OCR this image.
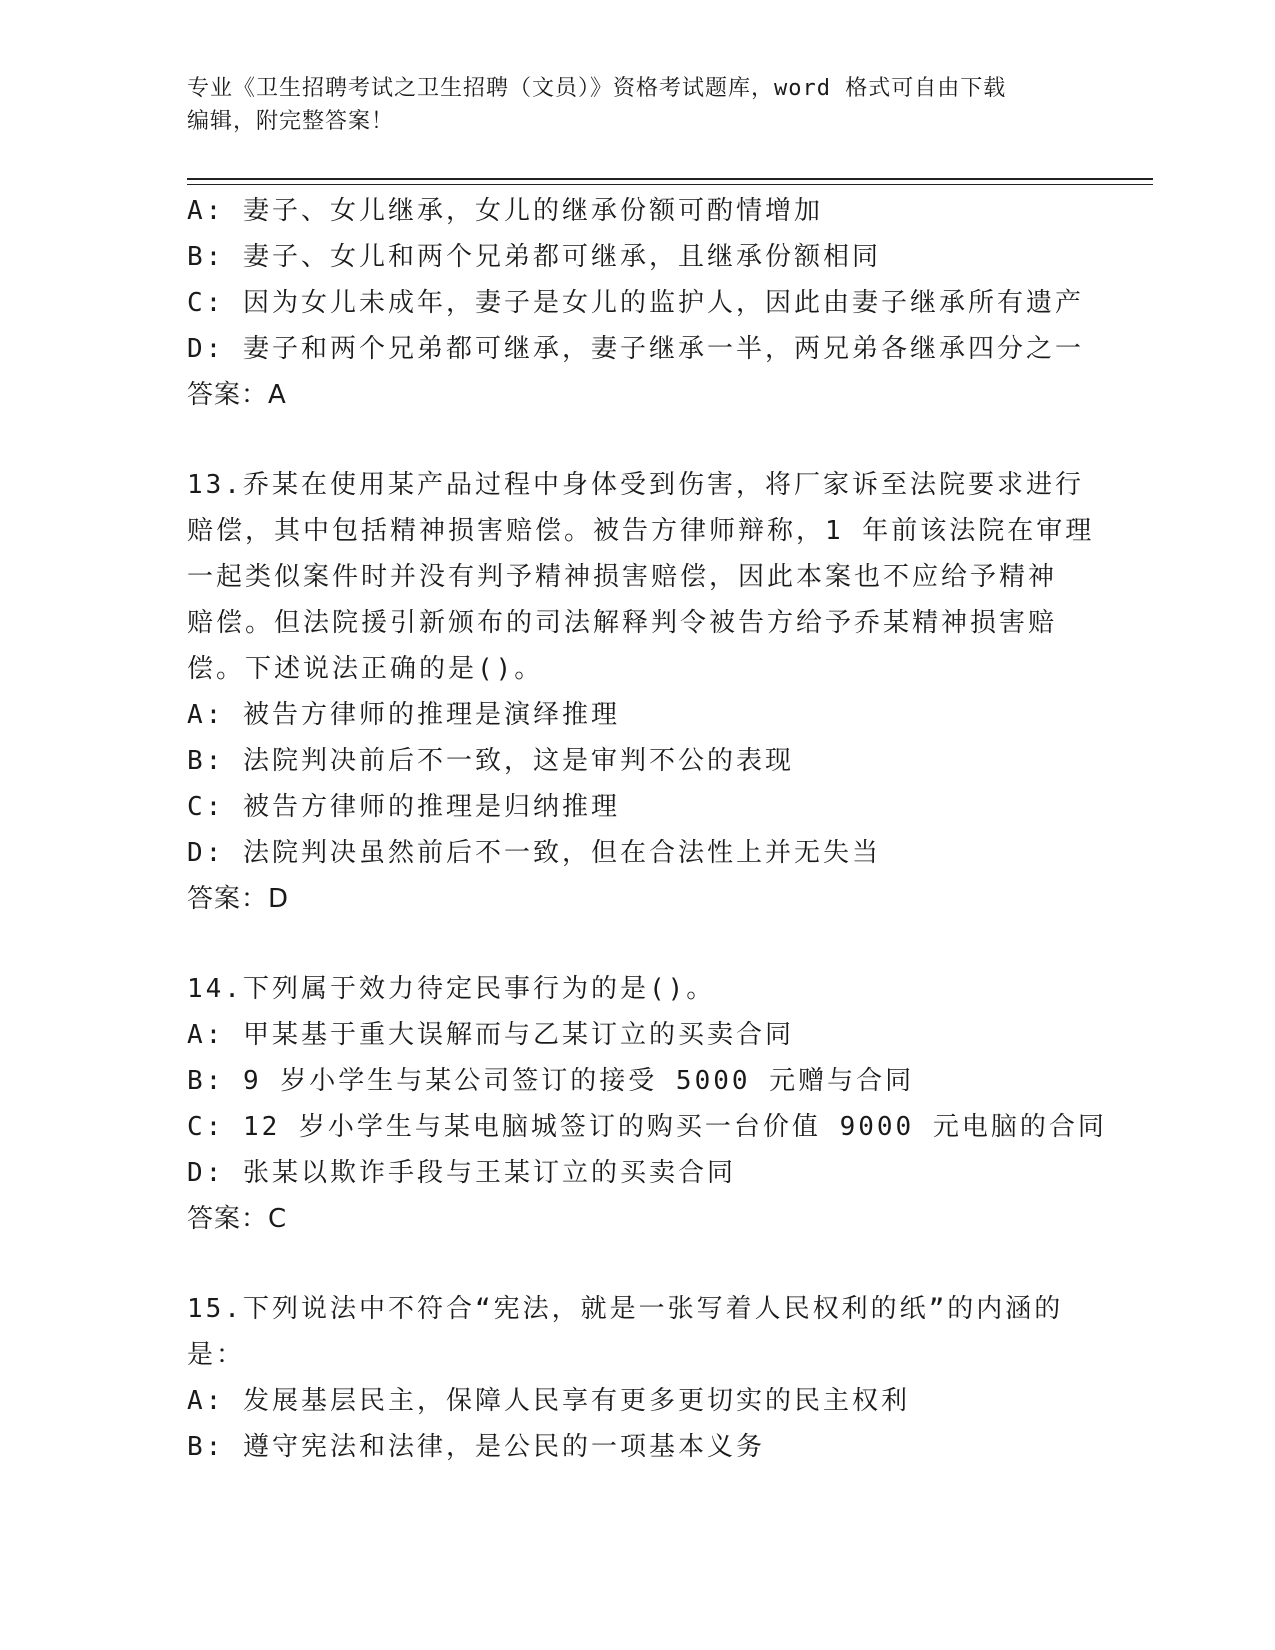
专业《卫生招聘考试之卫生招聘（文员）》资格考试题库，word 格式可自由下载
编辑，附完整答案！
A: 妻子、女儿继承，女儿的继承份额可酌情增加
B: 妻子、女儿和两个兄弟都可继承，且继承份额相同
C: 因为女儿未成年，妻子是女儿的监护人，因此由妻子继承所有遗产
D: 妻子和两个兄弟都可继承，妻子继承一半，两兄弟各继承四分之一
答案：A
13.乔某在使用某产品过程中身体受到伤害，将厂家诉至法院要求进行
赔偿，其中包括精神损害赔偿。被告方律师辩称，1 年前该法院在审理
一起类似案件时并没有判予精神损害赔偿，因此本案也不应给予精神
赔偿。但法院援引新颁布的司法解释判令被告方给予乔某精神损害赔
偿。下述说法正确的是()。
A: 被告方律师的推理是演绎推理
B: 法院判决前后不一致，这是审判不公的表现
C: 被告方律师的推理是归纳推理
D: 法院判决虽然前后不一致，但在合法性上并无失当
答案：D
14.下列属于效力待定民事行为的是()。
A: 甲某基于重大误解而与乙某订立的买卖合同
B: 9 岁小学生与某公司签订的接受 5000 元赠与合同
C: 12 岁小学生与某电脑城签订的购买一台价值 9000 元电脑的合同
D: 张某以欺诈手段与王某订立的买卖合同
答案：C
15.下列说法中不符合“宪法，就是一张写着人民权利的纸”的内涵的
是：
A: 发展基层民主，保障人民享有更多更切实的民主权利
B: 遵守宪法和法律，是公民的一项基本义务
